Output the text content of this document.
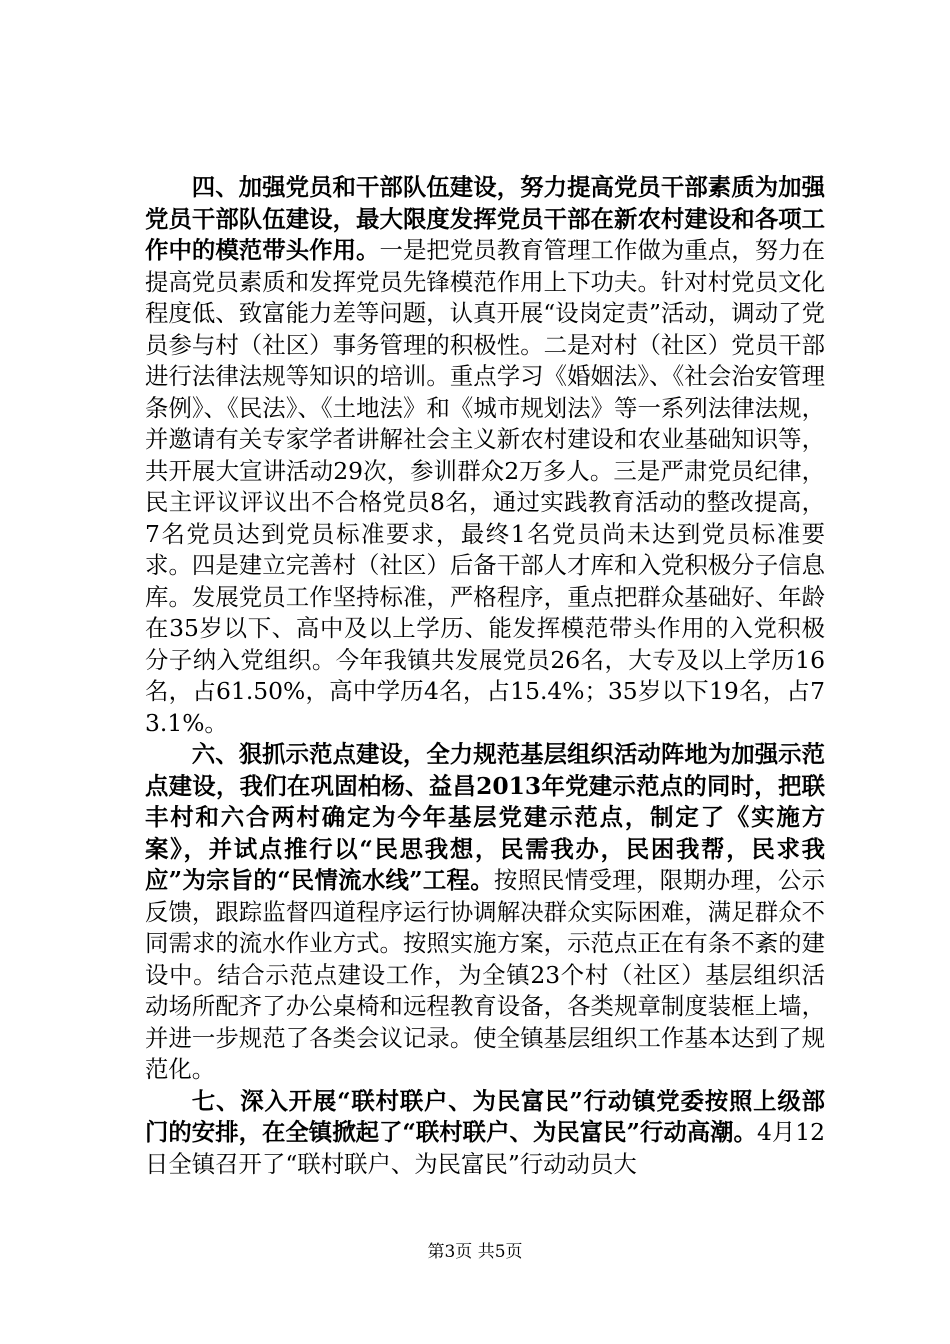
四、加强党员和干部队伍建设，努力提高党员干部素质为加强党员干部队伍建设，最大限度发挥党员干部在新农村建设和各项工作中的模范带头作用。一是把党员教育管理工作做为重点，努力在提高党员素质和发挥党员先锋模范作用上下功夫。针对村党员文化程度低、致富能力差等问题，认真开展“设岗定责”活动，调动了党员参与村（社区）事务管理的积极性。二是对村（社区）党员干部进行法律法规等知识的培训。重点学习《婚姻法》、《社会治安管理条例》、《民法》、《土地法》和《城市规划法》等一系列法律法规，并邀请有关专家学者讲解社会主义新农村建设和农业基础知识等，共开展大宣讲活动29次，参训群众2万多人。三是严肃党员纪律，民主评议评议出不合格党员8名，通过实践教育活动的整改提高，7名党员达到党员标准要求，最终1名党员尚未达到党员标准要求。四是建立完善村（社区）后备干部人才库和入党积极分子信息库。发展党员工作坚持标准，严格程序，重点把群众基础好、年龄在35岁以下、高中及以上学历、能发挥模范带头作用的入党积极分子纳入党组织。今年我镇共发展党员26名，大专及以上学历16名，占61.50%，高中学历4名，占15.4%；35岁以下19名，占73.1%。

六、狠抓示范点建设，全力规范基层组织活动阵地为加强示范点建设，我们在巩固柏杨、益昌2013年党建示范点的同时，把联丰村和六合两村确定为今年基层党建示范点，制定了《实施方案》，并试点推行以“民思我想，民需我办，民困我帮，民求我应”为宗旨的“民情流水线”工程。按照民情受理，限期办理，公示反馈，跟踪监督四道程序运行协调解决群众实际困难，满足群众不同需求的流水作业方式。按照实施方案，示范点正在有条不紊的建设中。结合示范点建设工作，为全镇23个村（社区）基层组织活动场所配齐了办公桌椅和远程教育设备，各类规章制度装框上墙，并进一步规范了各类会议记录。使全镇基层组织工作基本达到了规范化。

七、深入开展“联村联户、为民富民”行动镇党委按照上级部门的安排，在全镇掀起了“联村联户、为民富民”行动高潮。4月12日全镇召开了“联村联户、为民富民”行动动员大

第3页 共5页
